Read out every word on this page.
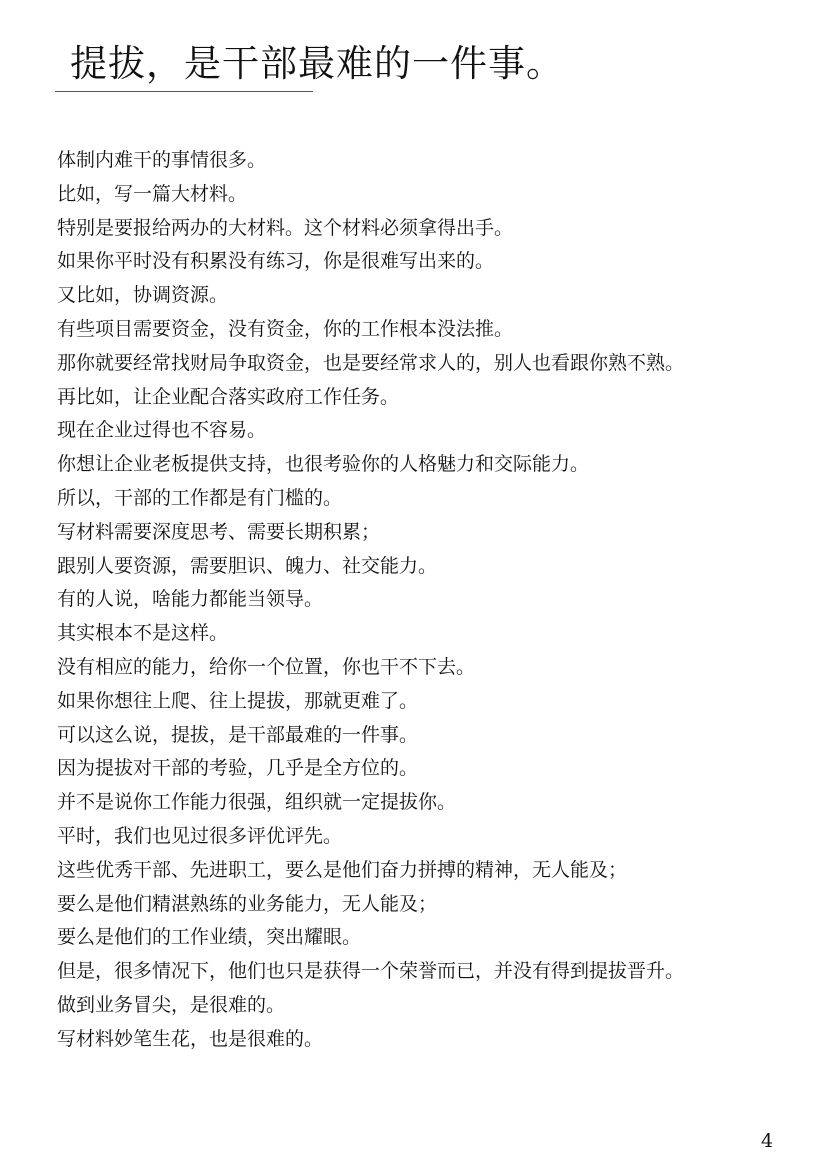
提拔，是干部最难的一件事。
体制内难干的事情很多。
比如，写一篇大材料。
特别是要报给两办的大材料。这个材料必须拿得出手。
如果你平时没有积累没有练习，你是很难写出来的。
又比如，协调资源。
有些项目需要资金，没有资金，你的工作根本没法推。
那你就要经常找财局争取资金，也是要经常求人的，别人也看跟你熟不熟。
再比如，让企业配合落实政府工作任务。
现在企业过得也不容易。
你想让企业老板提供支持，也很考验你的人格魅力和交际能力。
所以，干部的工作都是有门槛的。
写材料需要深度思考、需要长期积累；
跟别人要资源，需要胆识、魄力、社交能力。
有的人说，啥能力都能当领导。
其实根本不是这样。
没有相应的能力，给你一个位置，你也干不下去。
如果你想往上爬、往上提拔，那就更难了。
可以这么说，提拔，是干部最难的一件事。
因为提拔对干部的考验，几乎是全方位的。
并不是说你工作能力很强，组织就一定提拔你。
平时，我们也见过很多评优评先。
这些优秀干部、先进职工，要么是他们奋力拼搏的精神，无人能及；
要么是他们精湛熟练的业务能力，无人能及；
要么是他们的工作业绩，突出耀眼。
但是，很多情况下，他们也只是获得一个荣誉而已，并没有得到提拔晋升。
做到业务冒尖，是很难的。
写材料妙笔生花，也是很难的。
4
